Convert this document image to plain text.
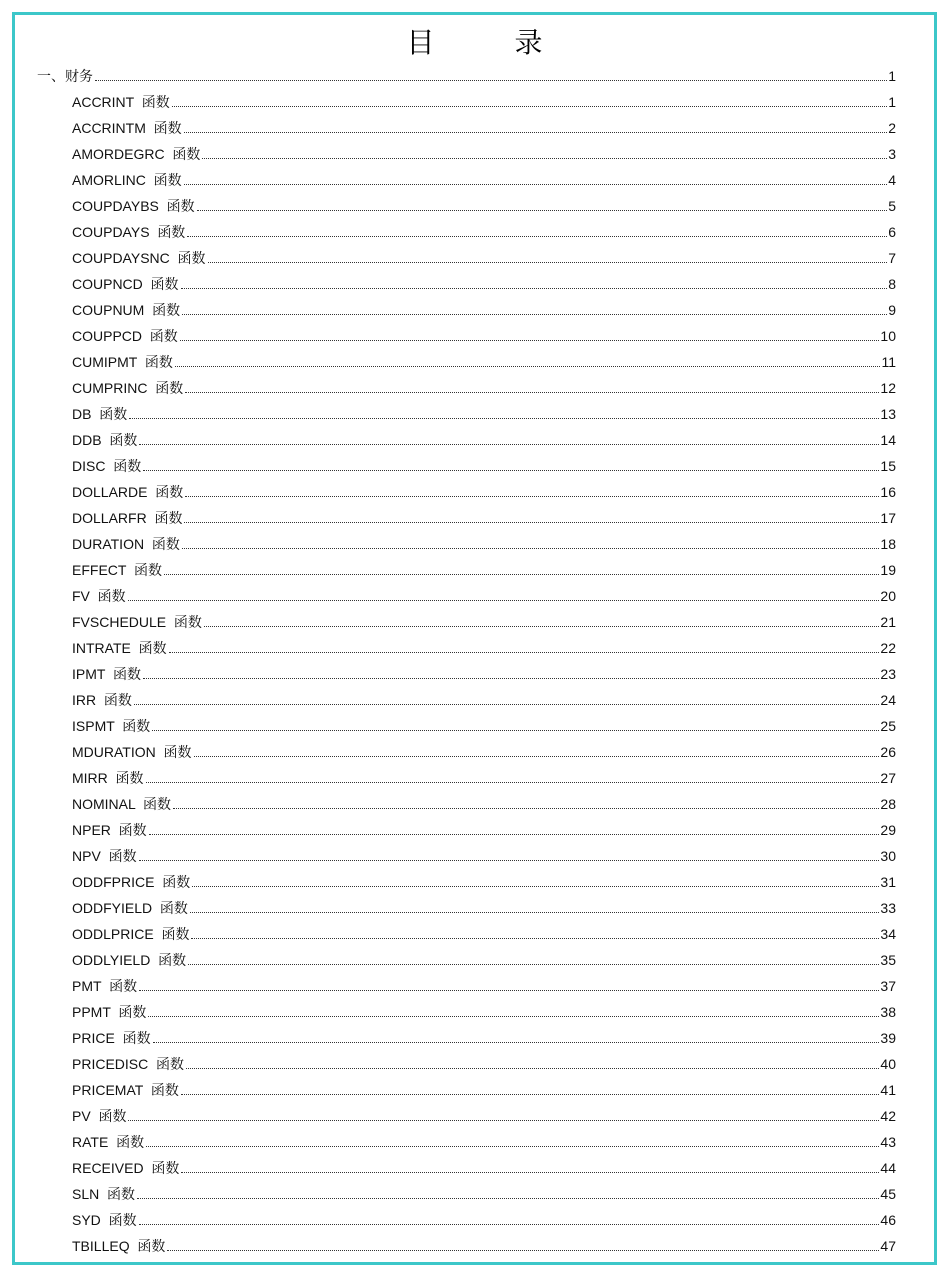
目　录
一、财务	1
ACCRINT  函数	1
ACCRINTM  函数	2
AMORDEGRC  函数	3
AMORLINC  函数	4
COUPDAYBS  函数	5
COUPDAYS  函数	6
COUPDAYSNC  函数	7
COUPNCD  函数	8
COUPNUM  函数	9
COUPPCD  函数	10
CUMIPMT  函数	11
CUMPRINC  函数	12
DB  函数	13
DDB  函数	14
DISC  函数	15
DOLLARDE  函数	16
DOLLARFR  函数	17
DURATION  函数	18
EFFECT  函数	19
FV  函数	20
FVSCHEDULE  函数	21
INTRATE  函数	22
IPMT  函数	23
IRR  函数	24
ISPMT  函数	25
MDURATION  函数	26
MIRR  函数	27
NOMINAL  函数	28
NPER  函数	29
NPV  函数	30
ODDFPRICE  函数	31
ODDFYIELD  函数	33
ODDLPRICE  函数	34
ODDLYIELD  函数	35
PMT  函数	37
PPMT  函数	38
PRICE  函数	39
PRICEDISC  函数	40
PRICEMAT  函数	41
PV  函数	42
RATE  函数	43
RECEIVED  函数	44
SLN  函数	45
SYD  函数	46
TBILLEQ  函数	47
